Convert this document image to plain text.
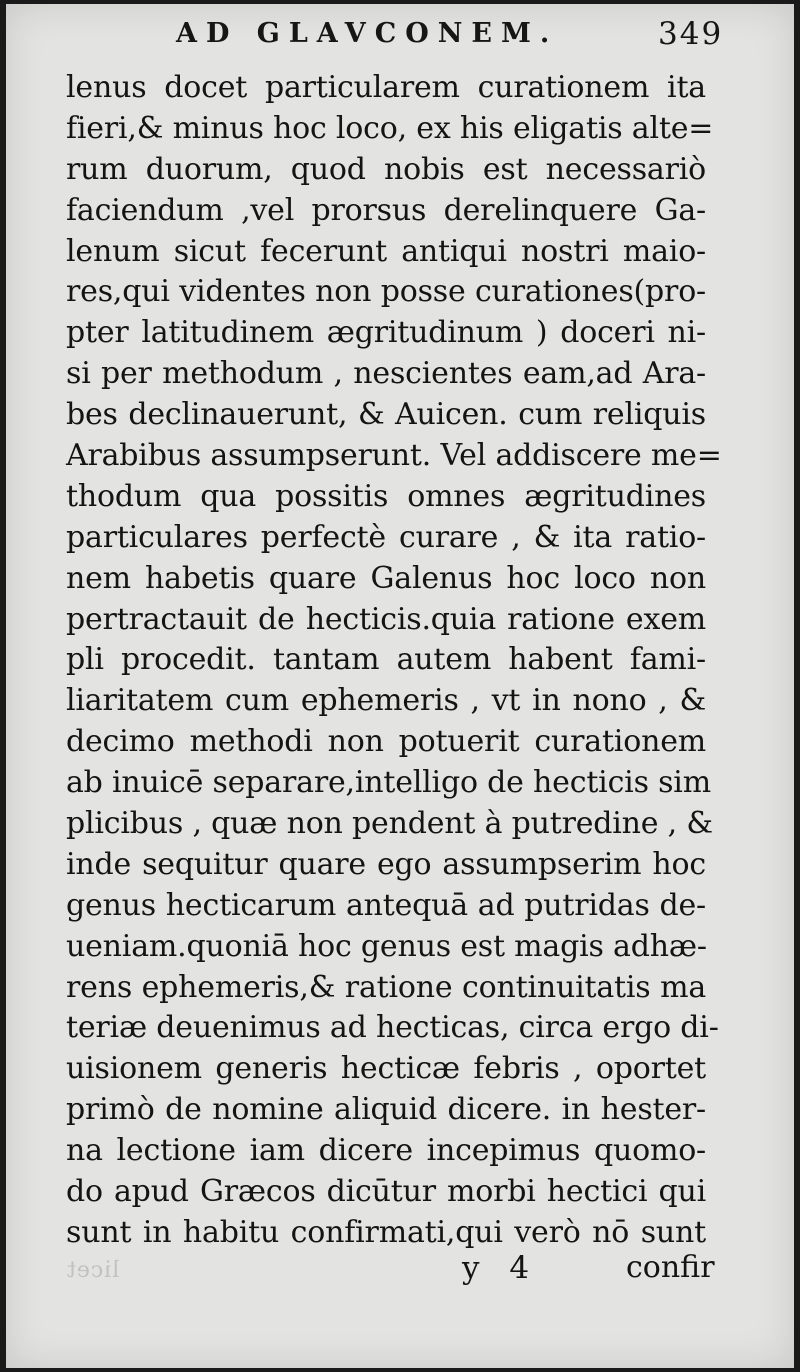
AD GLAVCONEM.	349
lenus docet particularem curationem ita
fieri,& minus hoc loco, ex his eligatis alte=
rum duorum, quod nobis est necessariò
faciendum ,vel prorsus derelinquere Ga-
lenum sicut fecerunt antiqui nostri maio-
res,qui videntes non posse curationes(pro-
pter latitudinem ægritudinum ) doceri ni-
si per methodum , nescientes eam,ad Ara-
bes declinauerunt, & Auicen. cum reliquis
Arabibus assumpserunt. Vel addiscere me=
thodum qua possitis omnes ægritudines
particulares perfectè curare , & ita ratio-
nem habetis quare Galenus hoc loco non
pertractauit de hecticis.quia ratione exem
pli procedit. tantam autem habent fami-
liaritatem cum ephemeris , vt in nono , &
decimo methodi non potuerit curationem
ab inuicē separare,intelligo de hecticis sim
plicibus , quæ non pendent à putredine , &
inde sequitur quare ego assumpserim hoc
genus hecticarum antequā ad putridas de-
ueniam.quoniā hoc genus est magis adhæ-
rens ephemeris,& ratione continuitatis ma
teriæ deuenimus ad hecticas, circa ergo di-
uisionem generis hecticæ febris , oportet
primò de nomine aliquid dicere. in hester-
na lectione iam dicere incepimus quomo-
do apud Græcos dicūtur morbi hectici qui
sunt in habitu confirmati,qui verò nō sunt
licet	y 4	confir
